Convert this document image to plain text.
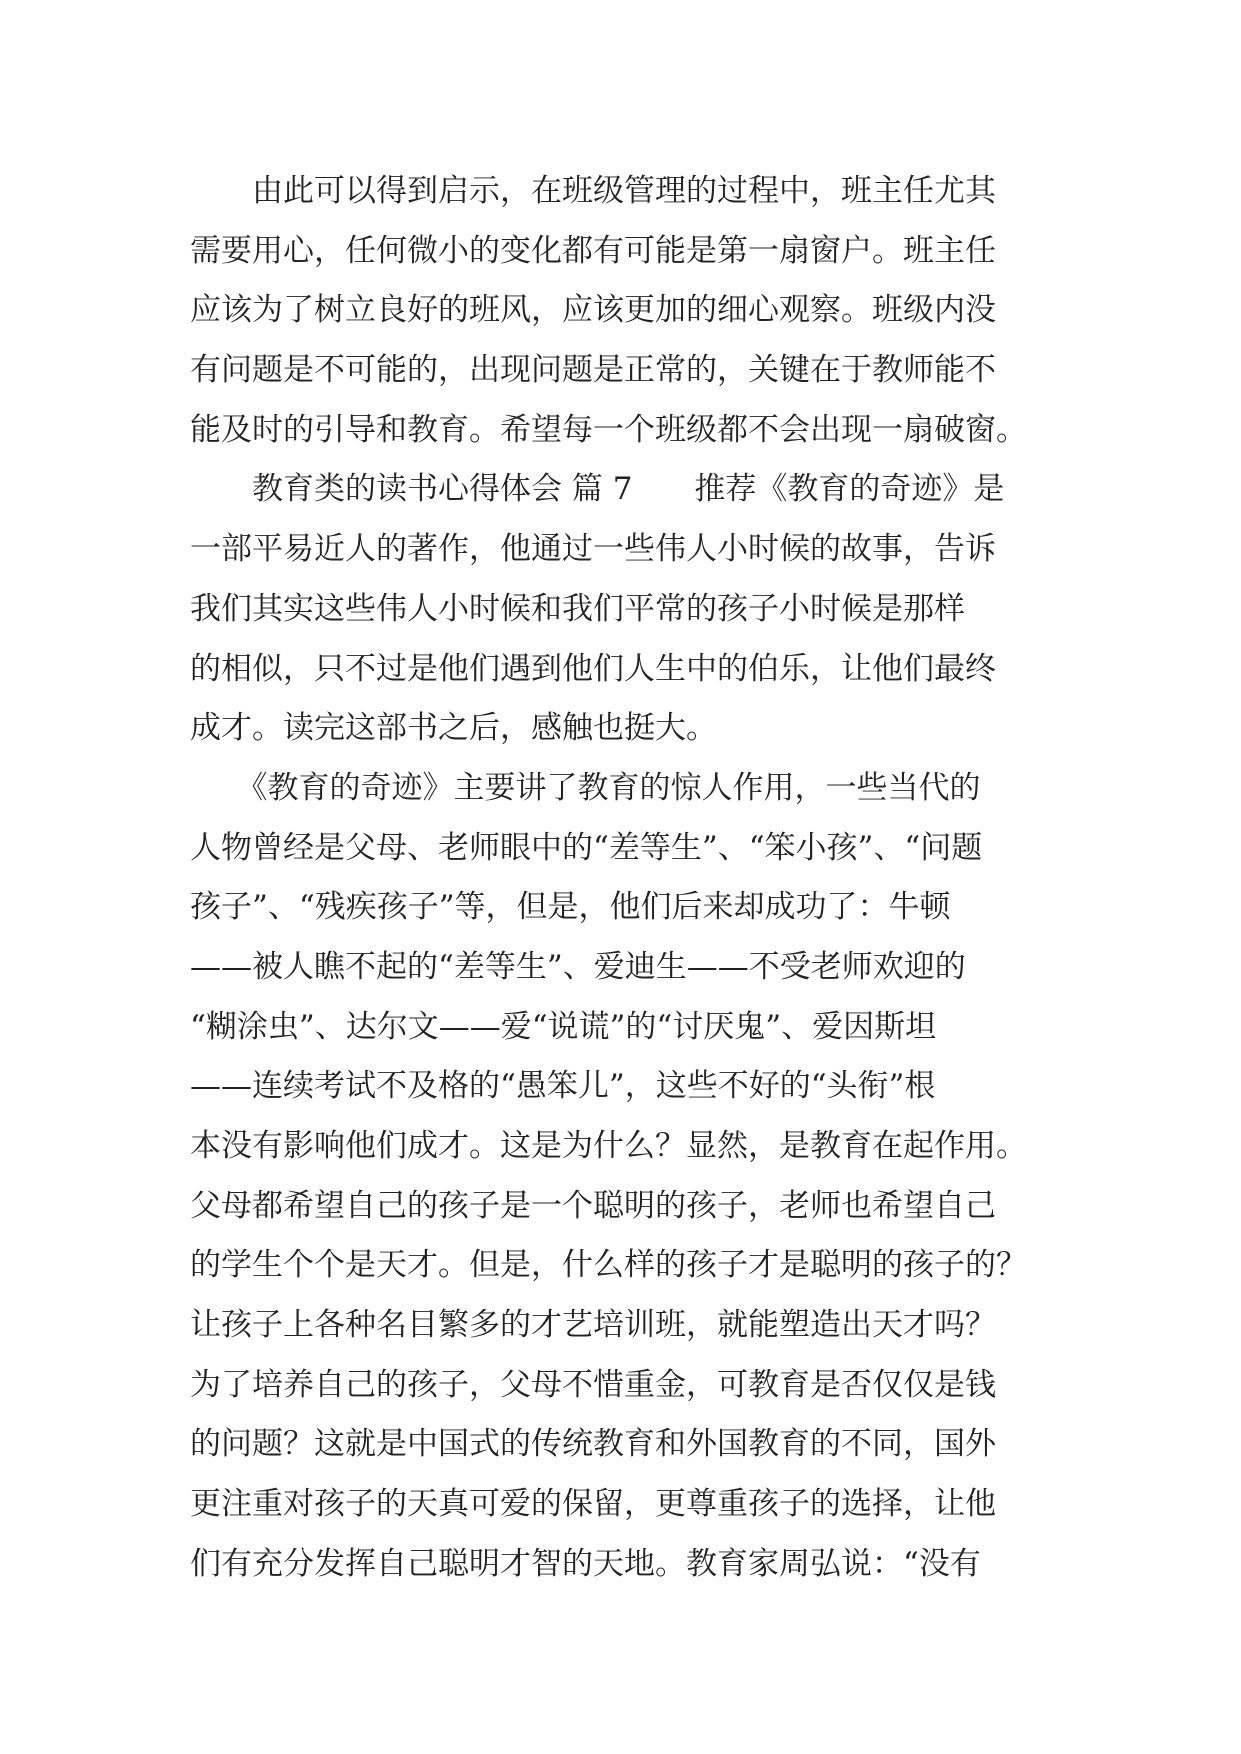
　　由此可以得到启示，在班级管理的过程中，班主任尤其
需要用心，任何微小的变化都有可能是第一扇窗户。班主任
应该为了树立良好的班风，应该更加的细心观察。班级内没
有问题是不可能的，出现问题是正常的，关键在于教师能不
能及时的引导和教育。希望每一个班级都不会出现一扇破窗。
　　教育类的读书心得体会 篇 7　　推荐《教育的奇迹》是
一部平易近人的著作，他通过一些伟人小时候的故事，告诉
我们其实这些伟人小时候和我们平常的孩子小时候是那样
的相似，只不过是他们遇到他们人生中的伯乐，让他们最终
成才。读完这部书之后，感触也挺大。
　　《教育的奇迹》主要讲了教育的惊人作用，一些当代的
人物曾经是父母、老师眼中的“差等生”、“笨小孩”、“问题
孩子”、“残疾孩子”等，但是，他们后来却成功了：牛顿
——被人瞧不起的“差等生”、爱迪生——不受老师欢迎的
“糊涂虫”、达尔文——爱“说谎”的“讨厌鬼”、爱因斯坦
——连续考试不及格的“愚笨儿”，这些不好的“头衔”根
本没有影响他们成才。这是为什么？显然，是教育在起作用。
父母都希望自己的孩子是一个聪明的孩子，老师也希望自己
的学生个个是天才。但是，什么样的孩子才是聪明的孩子的？
让孩子上各种名目繁多的才艺培训班，就能塑造出天才吗？
为了培养自己的孩子，父母不惜重金，可教育是否仅仅是钱
的问题？这就是中国式的传统教育和外国教育的不同，国外
更注重对孩子的天真可爱的保留，更尊重孩子的选择，让他
们有充分发挥自己聪明才智的天地。教育家周弘说：“没有
